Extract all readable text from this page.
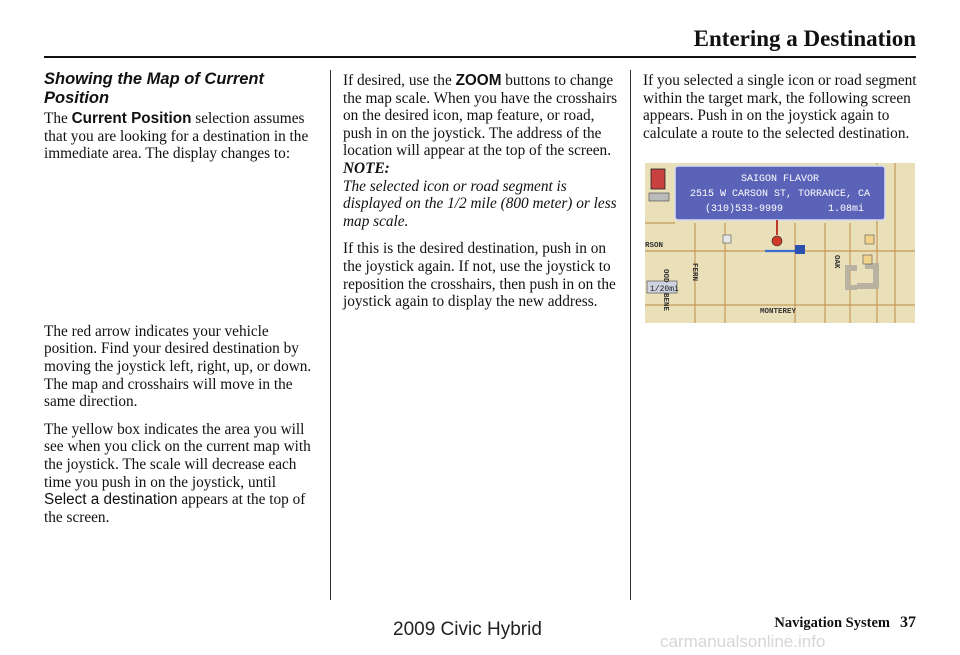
Entering a Destination
Showing the Map of Current Position

The Current Position selection assumes that you are looking for a destination in the immediate area. The display changes to:

The red arrow indicates your vehicle position. Find your desired destination by moving the joystick left, right, up, or down. The map and crosshairs will move in the same direction.

The yellow box indicates the area you will see when you click on the current map with the joystick. The scale will decrease each time you push in on the joystick, until Select a destination appears at the top of the screen.

If desired, use the ZOOM buttons to change the map scale. When you have the crosshairs on the desired icon, map feature, or road, push in on the joystick. The address of the location will appear at the top of the screen.

NOTE:

The selected icon or road segment is displayed on the 1/2 mile (800 meter) or less map scale.

If this is the desired destination, push in on the joystick again. If not, use the joystick to reposition the crosshairs, then push in on the joystick again to display the new address.

If you selected a single icon or road segment within the target mark, the following screen appears. Push in on the joystick again to calculate a route to the selected destination.

SAIGON FLAVOR
2515 W CARSON ST, TORRANCE, CA
(310)533-9999	1.08mi
1/20mi
RSON
MONTEREY
FERN
OAK
OOD
BENE
Navigation System 37
2009 Civic Hybrid
carmanualsonline.info
